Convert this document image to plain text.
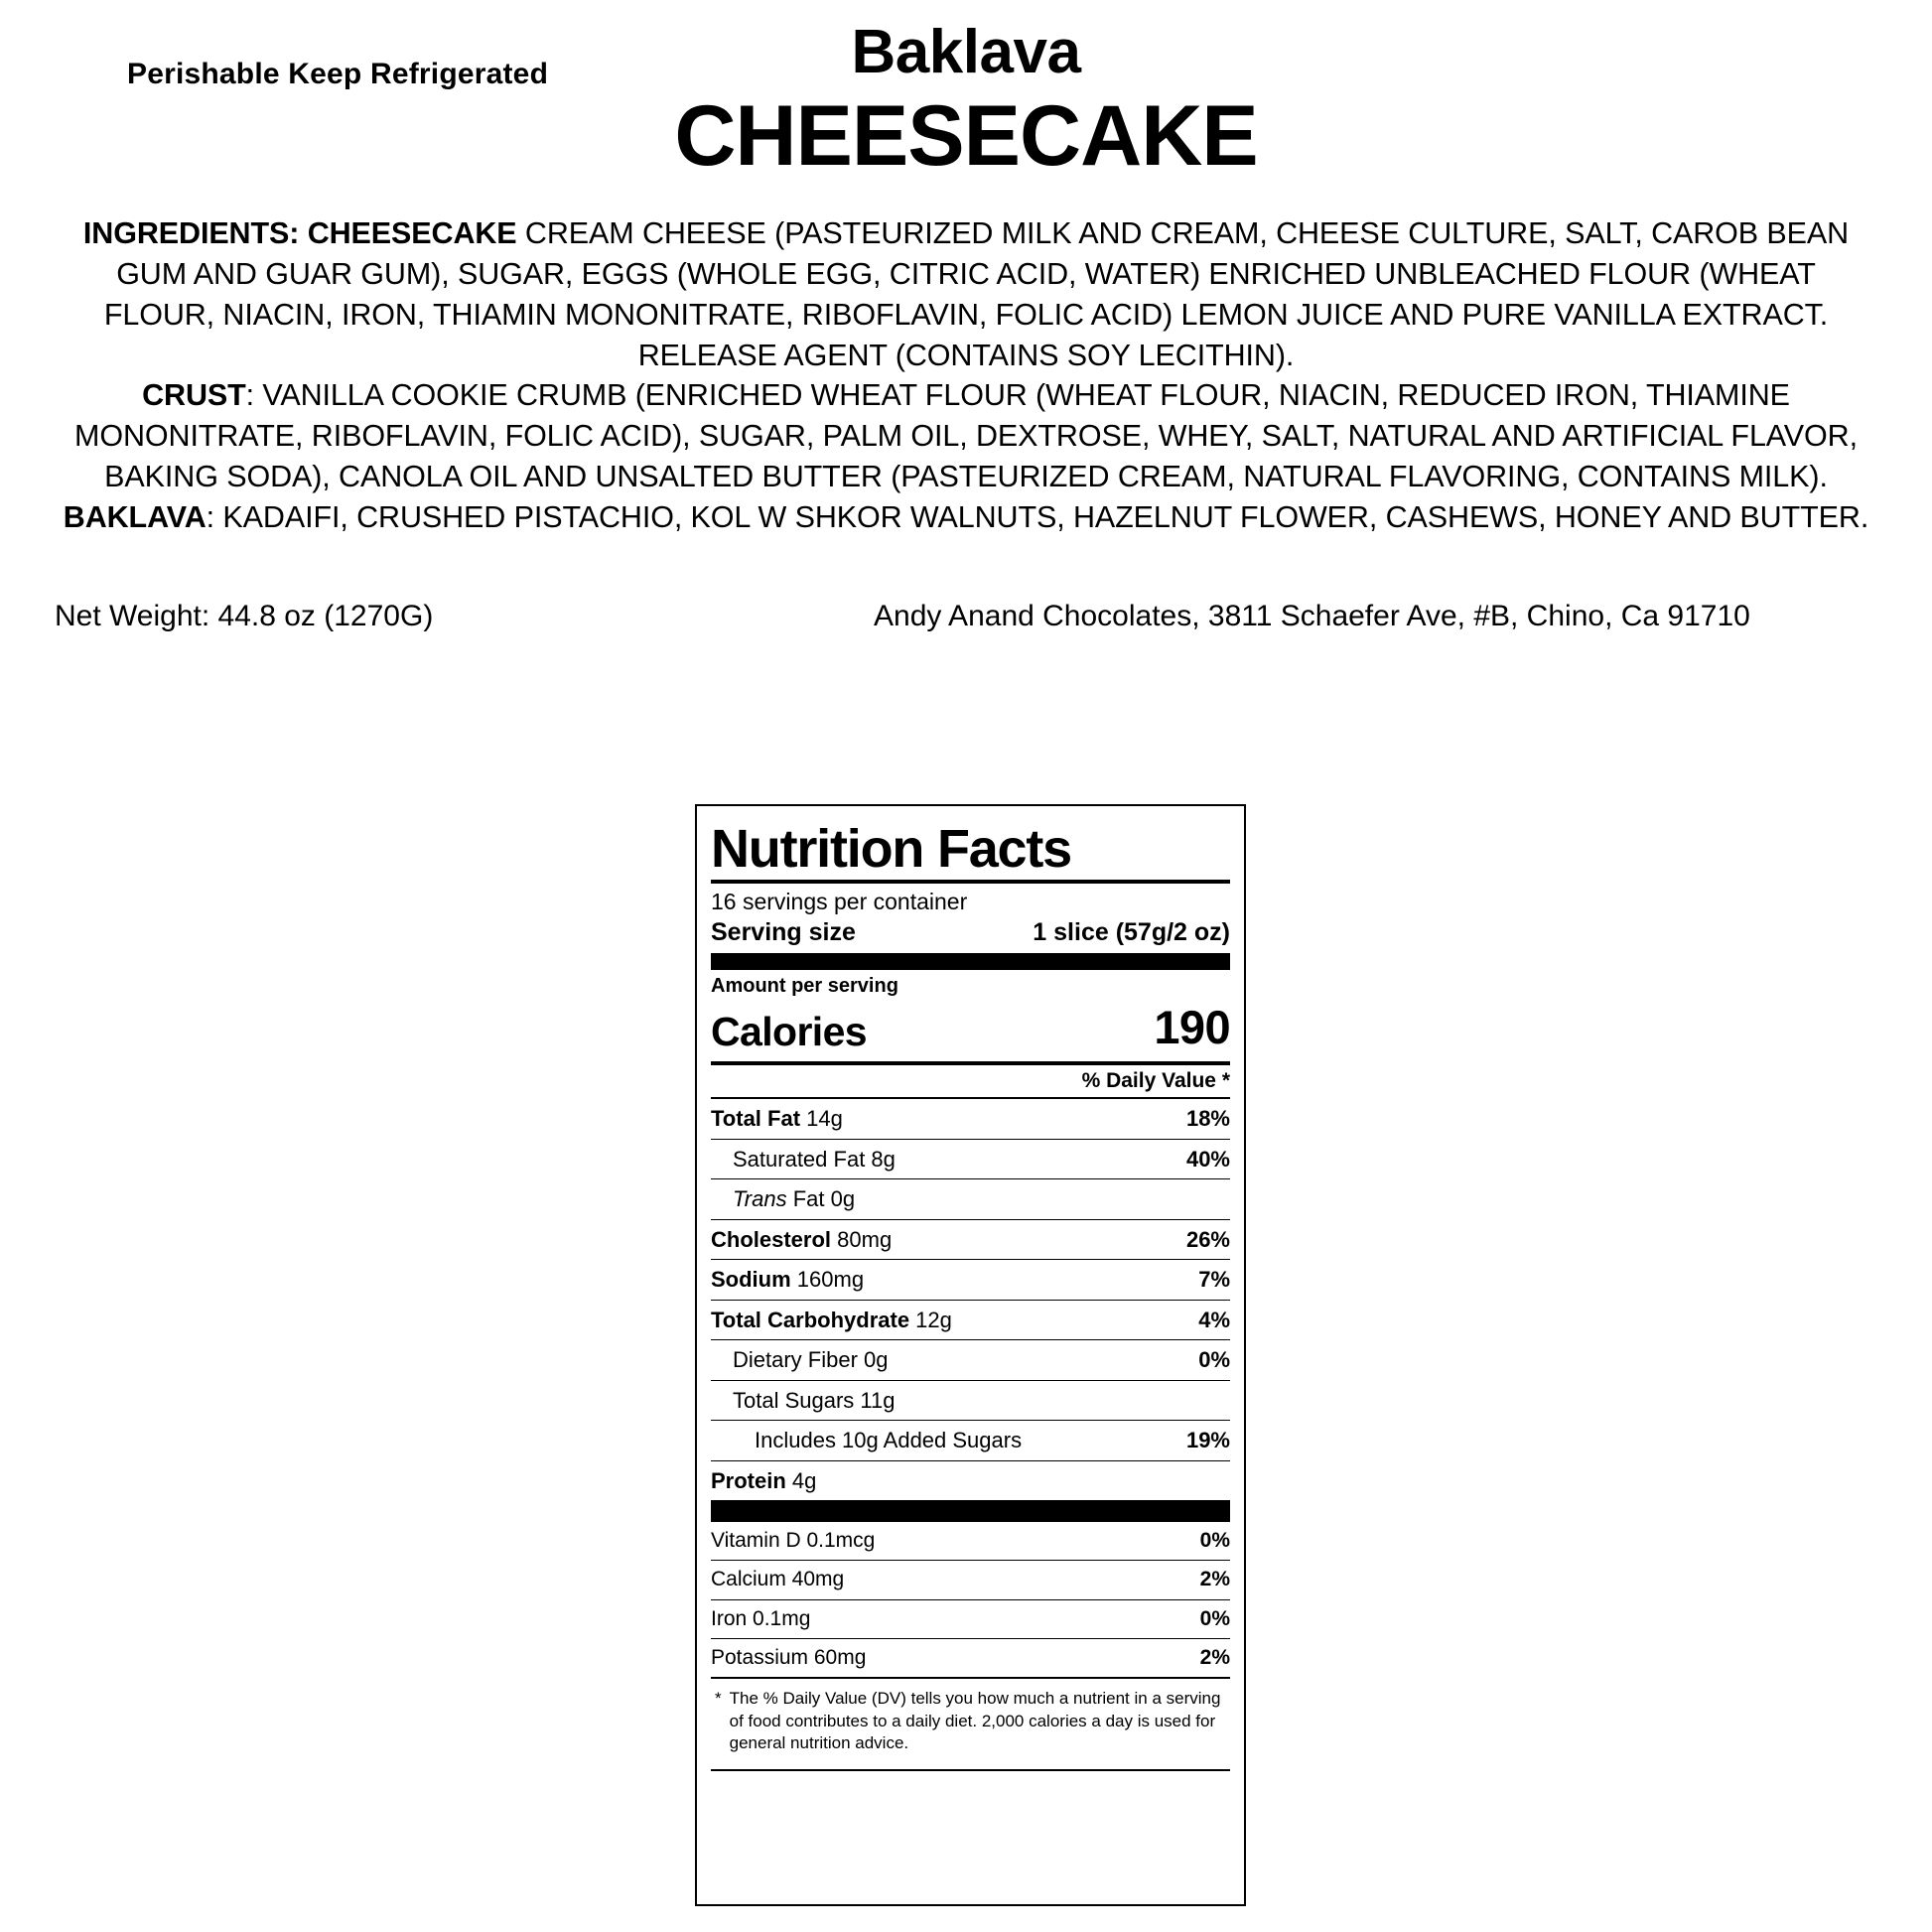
Perishable Keep Refrigerated	Baklava
CHEESECAKE

INGREDIENTS: CHEESECAKE CREAM CHEESE (PASTEURIZED MILK AND CREAM, CHEESE CULTURE, SALT, CAROB BEAN GUM AND GUAR GUM), SUGAR, EGGS (WHOLE EGG, CITRIC ACID, WATER) ENRICHED UNBLEACHED FLOUR (WHEAT FLOUR, NIACIN, IRON, THIAMIN MONONITRATE, RIBOFLAVIN, FOLIC ACID) LEMON JUICE AND PURE VANILLA EXTRACT. RELEASE AGENT (CONTAINS SOY LECITHIN).

CRUST: VANILLA COOKIE CRUMB (ENRICHED WHEAT FLOUR (WHEAT FLOUR, NIACIN, REDUCED IRON, THIAMINE MONONITRATE, RIBOFLAVIN, FOLIC ACID), SUGAR, PALM OIL, DEXTROSE, WHEY, SALT, NATURAL AND ARTIFICIAL FLAVOR, BAKING SODA), CANOLA OIL AND UNSALTED BUTTER (PASTEURIZED CREAM, NATURAL FLAVORING, CONTAINS MILK).

BAKLAVA: KADAIFI, CRUSHED PISTACHIO, KOL W SHKOR WALNUTS, HAZELNUT FLOWER, CASHEWS, HONEY AND BUTTER.

Net Weight: 44.8 oz (1270G)	Andy Anand Chocolates, 3811 Schaefer Ave, #B, Chino, Ca 91710
Nutrition Facts
16 servings per container
Serving size	1 slice (57g/2 oz)
Amount per serving
Calories	190
% Daily Value *
Total Fat 14g	18%
Saturated Fat 8g	40%
Trans Fat 0g
Cholesterol 80mg	26%
Sodium 160mg	7%
Total Carbohydrate 12g	4%
Dietary Fiber 0g	0%
Total Sugars 11g
Includes 10g Added Sugars	19%
Protein 4g
Vitamin D 0.1mcg	0%
Calcium 40mg	2%
Iron 0.1mg	0%
Potassium 60mg	2%
* The % Daily Value (DV) tells you how much a nutrient in a serving of food contributes to a daily diet. 2,000 calories a day is used for general nutrition advice.
